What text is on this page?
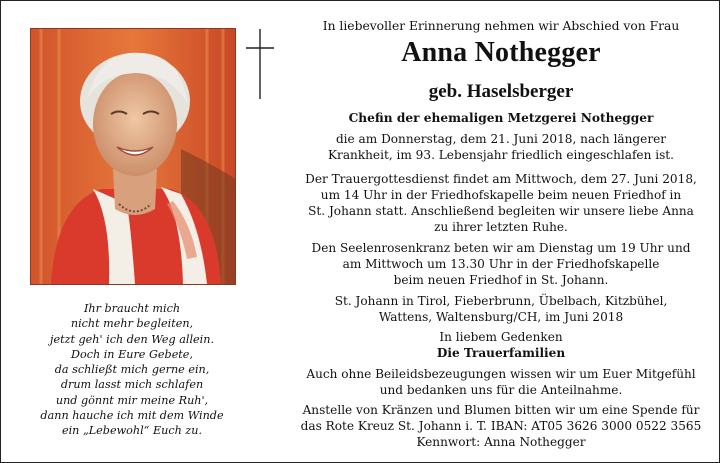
Ihr braucht mich
nicht mehr begleiten,
jetzt geh' ich den Weg allein.
Doch in Eure Gebete,
da schließt mich gerne ein,
drum lasst mich schlafen
und gönnt mir meine Ruh',
dann hauche ich mit dem Winde
ein „Lebewohl“ Euch zu.
In liebevoller Erinnerung nehmen wir Abschied von Frau
Anna Nothegger
geb. Haselsberger
Chefin der ehemaligen Metzgerei Nothegger
die am Donnerstag, dem 21. Juni 2018, nach längerer
Krankheit, im 93. Lebensjahr friedlich eingeschlafen ist.
Der Trauergottesdienst findet am Mittwoch, dem 27. Juni 2018,
um 14 Uhr in der Friedhofskapelle beim neuen Friedhof in
St. Johann statt. Anschließend begleiten wir unsere liebe Anna
zu ihrer letzten Ruhe.
Den Seelenrosenkranz beten wir am Dienstag um 19 Uhr und
am Mittwoch um 13.30 Uhr in der Friedhofskapelle
beim neuen Friedhof in St. Johann.
St. Johann in Tirol, Fieberbrunn, Übelbach, Kitzbühel,
Wattens, Waltensburg/CH, im Juni 2018
In liebem Gedenken
Die Trauerfamilien
Auch ohne Beileidsbezeugungen wissen wir um Euer Mitgefühl
und bedanken uns für die Anteilnahme.
Anstelle von Kränzen und Blumen bitten wir um eine Spende für
das Rote Kreuz St. Johann i. T. IBAN: AT05 3626 3000 0522 3565
Kennwort: Anna Nothegger
